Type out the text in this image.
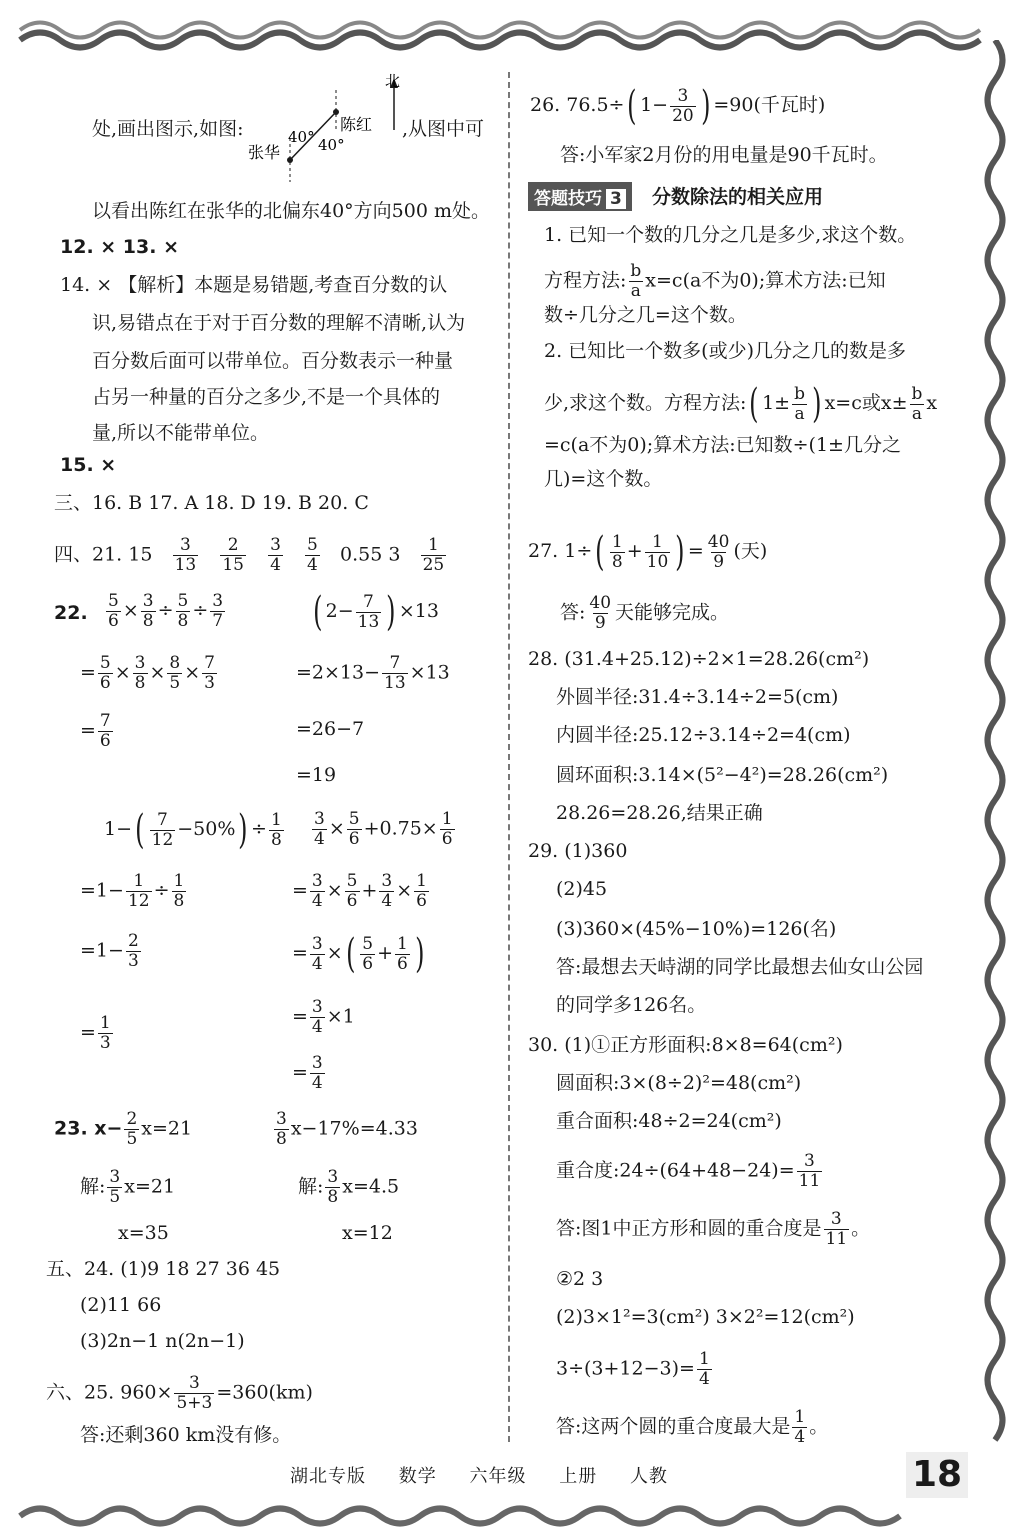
处,画出图示,如图:
北
40° 40°
陈红
张华
,从图中可
以看出陈红在张华的北偏东40°方向500 m处。
12. × 13. ×
14. × 【解析】本题是易错题,考查百分数的认
识,易错点在于对于百分数的理解不清晰,认为
百分数后面可以带单位。百分数表示一种量
占另一种量的百分之多少,不是一个具体的
量,所以不能带单位。
15. ×
三、16. B 17. A 18. D 19. B 20. C
四、21. $15 \frac{3}{13}$
$\frac{2}{15}$
$\frac{3}{4}$
$\frac{5}{4} 0.55$ $3 \frac{1}{25}$
22. $\frac{5}{6} \times \frac{3}{8} \div \frac{5}{8} \div \frac{3}{7}$
= $\frac{5}{6} \times \frac{3}{8} \times \frac{8}{5} \times \frac{7}{3}$
= $\frac{7}{6}$
( $2- \frac{7}{13}$ ) ×13
$=2\times 13- \frac{7}{13} \times 13$
=26−7
=19
$1-( \frac{7}{12} -50\%) \div \frac{1}{8}$
$=1- \frac{1}{12} \div \frac{1}{8}$
$=1- \frac{2}{3}$
= $\frac{1}{3}$
$\frac{3}{4} \times \frac{5}{6} +0.75\times \frac{1}{6}$
= $\frac{3}{4} \times \frac{5}{6} + \frac{3}{4} \times \frac{1}{6}$
= $\frac{3}{4}$ ×( $\frac{5}{6} + \frac{1}{6}$ )
= $\frac{3}{4} \times 1$
= $\frac{3}{4}$
23. $x- \frac{2}{5} x=21$
解: $\frac{3}{5} x=21$
x=35
$\frac{3}{8} x-17\%=4.33$
解: $\frac{3}{8} x=4.5$
x=12
五、24. (1)9 18 27 36 45
(2)11 66
(3)2n−1 n(2n−1)
六、25. $960\times \frac{3}{5+3} =360(km)$
答:还剩360 km没有修。
26. 76.5÷( $1- \frac{3}{20}$ ) =90(千瓦时)
答:小军家2月份的用电量是90千瓦时。
答题技巧 3	分数除法的相关应用
1. 已知一个数的几分之几是多少,求这个数。
方程方法: $\frac{b}{a} x=c(a$不为0);算术方法:已知
数÷几分之几=这个数。
2. 已知比一个数多(或少)几分之几的数是多
少,求这个数。方程方法:( $1\pm \frac{b}{a}$ ) x=c或$x\pm \frac{b}{a}$ x
=c(a不为0);算术方法:已知数÷(1±几分之
几)=这个数。
27. $1\div( \frac{1}{8} + \frac{1}{10}$ ) = $\frac{40}{9}$ (天)
答: $\frac{40}{9}$ 天能够完成。
28. (31.4+25.12)÷2×1=28.26(cm²)
外圆半径:31.4÷3.14÷2=5(cm)
内圆半径:25.12÷3.14÷2=4(cm)
圆环面积:3.14×(5²−4²)=28.26(cm²)
28.26=28.26,结果正确
29. (1)360
(2)45
(3)360×(45%−10%)=126(名)
答:最想去天峙湖的同学比最想去仙女山公园
的同学多126名。
30. (1)①正方形面积:8×8=64(cm²)
圆面积:3×(8÷2)²=48(cm²)
重合面积:48÷2=24(cm²)
重合度:24÷(64+48−24)= $\frac{3}{11}$
答:图1中正方形和圆的重合度是 $\frac{3}{11}$ 。
②2 3
(2)3×1²=3(cm²) 3×2²=12(cm²)
$3\div(3+12-3)= \frac{1}{4}$
答:这两个圆的重合度最大是 $\frac{1}{4}$ 。
湖北专版 数学 六年级 上册 人教	18
